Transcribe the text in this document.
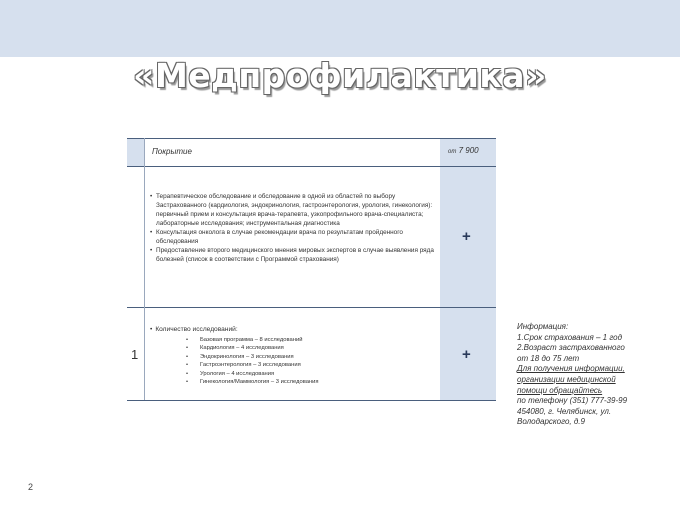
«Медпрофилактика»
Покрытие	от 7 900
• Терапевтическое обследование и обследование в одной из областей по выбору Застрахованного (кардиология, эндокринология, гастроэнтерология, урология, гинекология): первичный прием и консультация врача-терапевта, узкопрофильного врача-специалиста; лабораторные исследования; инструментальная диагностика
• Консультация онколога в случае рекомендации врача по результатам пройденного обследования
• Предоставление второго медицинского мнения мировых экспертов в случае выявления ряда болезней (список в соответствии с Программой страхования)
+
1
• Количество исследований:
• Базовая программа – 8 исследований
• Кардиология – 4 исследования
• Эндокринология – 3 исследования
• Гастроэнтерология – 3 исследования
• Урология – 4 исследования
• Гинекология/Маммология – 3 исследования
+

Информация:

1.Срок страхования – 1 год

2.Возраст застрахованного

от 18 до 75 лет

Для получения информации,

организации медицинской

помощи обращайтесь

по телефону (351) 777-39-99

454080, г. Челябинск, ул.

Володарского, д.9

2
